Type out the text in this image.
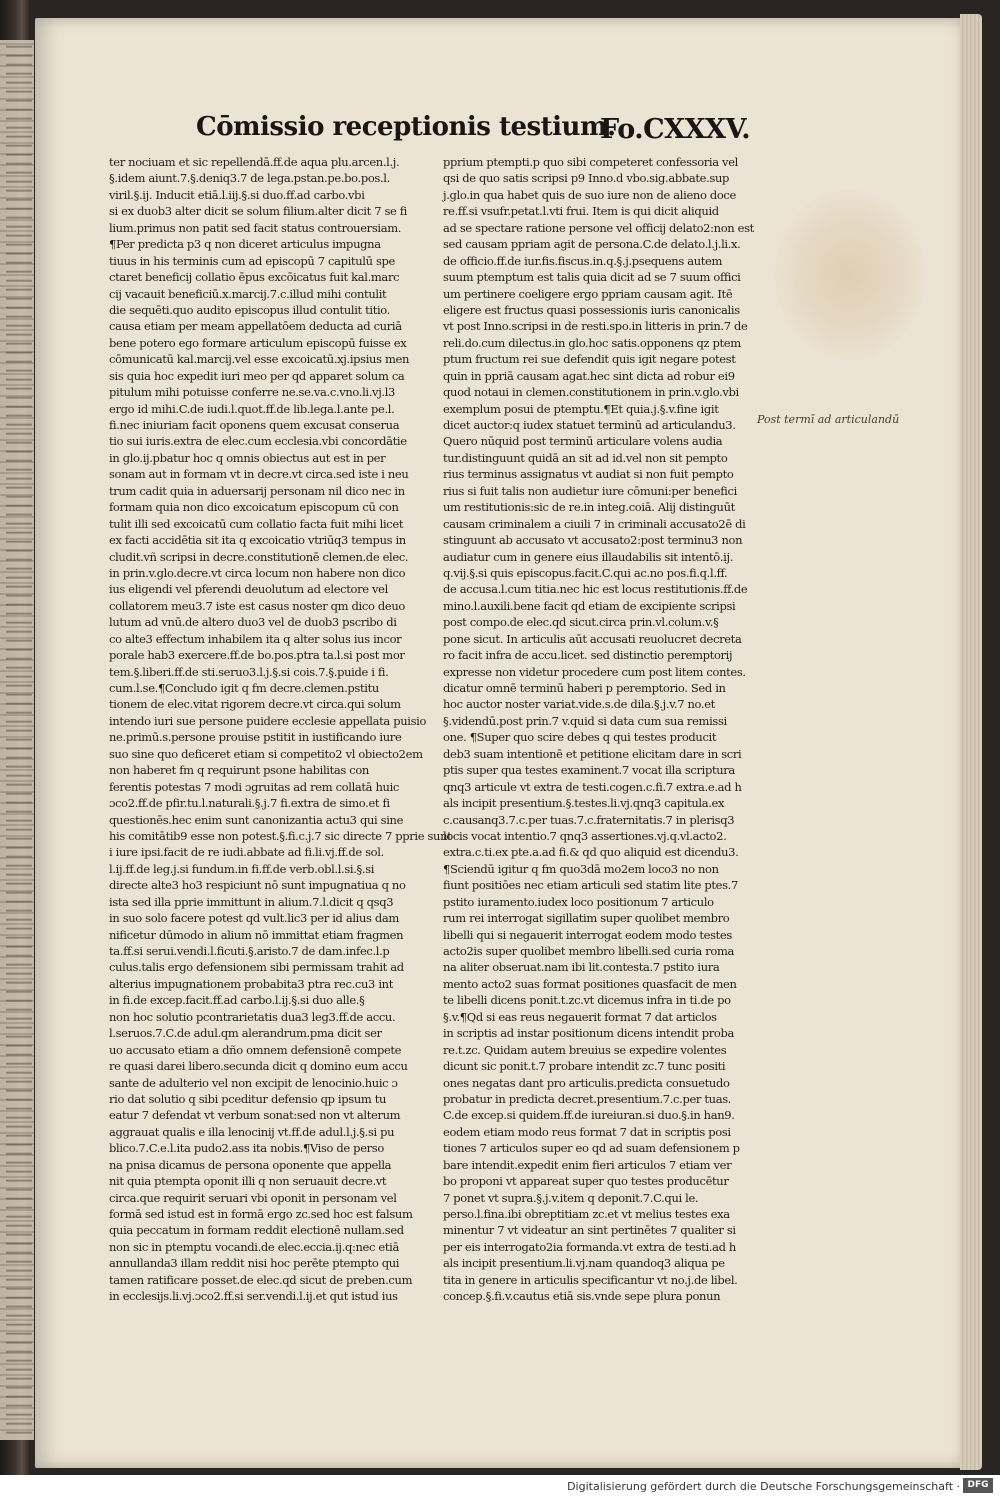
Cōmissio receptionis testium.
Fo.CXXXV.
ter nociuam et sic repellendā.ff.de aqua plu.arcen.l.j.
§.idem aiunt.7.§.deniq3.7 de lega.pstan.pe.bo.pos.l.
viril.§.ij. Inducit etiā.l.iij.§.si duo.ff.ad carbo.vbi
si ex duob3 alter dicit se solum filium.alter dicit 7 se fi
lium.primus non patit sed facit status controuersiam.
¶Per predicta p3 q non diceret articulus impugna
tiuus in his terminis cum ad episcopū 7 capitulū spe
ctaret beneficij collatio ēpus excōicatus fuit kal.marc
cij vacauit beneficiū.x.marcij.7.c.illud mihi contulit
die sequēti.quo audito episcopus illud contulit titio.
causa etiam per meam appellatōem deducta ad curiā
bene potero ego formare articulum episcopū fuisse ex
cōmunicatū kal.marcij.vel esse excoicatū.xj.ipsius men
sis quia hoc expedit iuri meo per qd apparet solum ca
pitulum mihi potuisse conferre ne.se.va.c.vno.li.vj.l3
ergo id mihi.C.de iudi.l.quot.ff.de lib.lega.l.ante pe.l.
fi.nec iniuriam facit oponens quem excusat conserua
tio sui iuris.extra de elec.cum ecclesia.vbi concordātie
in glo.ij.pbatur hoc q omnis obiectus aut est in per
sonam aut in formam vt in decre.vt circa.sed iste i neu
trum cadit quia in aduersarij personam nil dico nec in
formam quia non dico excoicatum episcopum cū con
tulit illi sed excoicatū cum collatio facta fuit mihi licet
ex facti accidētia sit ita q excoicatio vtriūq3 tempus in
cludit.vñ scripsi in decre.constitutionē clemen.de elec.
in prin.v.glo.decre.vt circa locum non habere non dico
ius eligendi vel pferendi deuolutum ad electore vel
collatorem meu3.7 iste est casus noster qm dico deuo
lutum ad vnū.de altero duo3 vel de duob3 pscribo di
co alte3 effectum inhabilem ita q alter solus ius incor
porale hab3 exercere.ff.de bo.pos.ptra ta.l.si post mor
tem.§.liberi.ff.de sti.seruo3.l.j.§.si cois.7.§.puide i fi.
cum.l.se.¶Concludo igit q fm decre.clemen.pstitu
tionem de elec.vitat rigorem decre.vt circa.qui solum
intendo iuri sue persone puidere ecclesie appellata puisio
ne.primū.s.persone prouise pstitit in iustificando iure
suo sine quo deficeret etiam si competito2 vl obiecto2em
non haberet fm q requirunt psone habilitas con
ferentis potestas 7 modi ɔgruitas ad rem collatā huic
ɔco2.ff.de pfir.tu.l.naturali.§.j.7 fi.extra de simo.et fi
questionēs.hec enim sunt canonizantia actu3 qui sine
his comitātib9 esse non potest.§.fi.c.j.7 sic directe 7 pprie sunt
i iure ipsi.facit de re iudi.abbate ad fi.li.vj.ff.de sol.
l.ij.ff.de leg.j.si fundum.in fi.ff.de verb.obl.l.si.§.si
directe alte3 ho3 respiciunt nō sunt impugnatiua q no
ista sed illa pprie immittunt in alium.7.l.dicit q qsq3
in suo solo facere potest qd vult.lic3 per id alius dam
nificetur dūmodo in alium nō immittat etiam fragmen
ta.ff.si serui.vendi.l.ficuti.§.aristo.7 de dam.infec.l.p
culus.talis ergo defensionem sibi permissam trahit ad
alterius impugnationem probabita3 ptra rec.cu3 int
in fi.de excep.facit.ff.ad carbo.l.ij.§.si duo alle.§
non hoc solutio pcontrarietatis dua3 leg3.ff.de accu.
l.seruos.7.C.de adul.qm alerandrum.pma dicit ser
uo accusato etiam a dño omnem defensionē compete
re quasi darei libero.secunda dicit q domino eum accu
sante de adulterio vel non excipit de lenocinio.huic ɔ
rio dat solutio q sibi pceditur defensio qp ipsum tu
eatur 7 defendat vt verbum sonat:sed non vt alterum
aggrauat qualis e illa lenocinij vt.ff.de adul.l.j.§.si pu
blico.7.C.e.l.ita pudo2.ass ita nobis.¶Viso de perso
na pnisa dicamus de persona oponente que appella
nit quia ptempta oponit illi q non seruauit decre.vt
circa.que requirit seruari vbi oponit in personam vel
formā sed istud est in formā ergo zc.sed hoc est falsum
quia peccatum in formam reddit electionē nullam.sed
non sic in ptemptu vocandi.de elec.eccia.ij.q:nec etiā
annullanda3 illam reddit nisi hoc perēte ptempto qui
tamen ratificare posset.de elec.qd sicut de preben.cum
in ecclesijs.li.vj.ɔco2.ff.si ser.vendi.l.ij.et qut istud ius
pprium ptempti.p quo sibi competeret confessoria vel
qsi de quo satis scripsi p9 Inno.d vbo.sig.abbate.sup
j.glo.in qua habet quis de suo iure non de alieno doce
re.ff.si vsufr.petat.l.vti frui. Item is qui dicit aliquid
ad se spectare ratione persone vel officij delato2:non est
sed causam ppriam agit de persona.C.de delato.l.j.li.x.
de officio.ff.de iur.fis.fiscus.in.q.§.j.psequens autem
suum ptemptum est talis quia dicit ad se 7 suum offici
um pertinere coeligere ergo ppriam causam agit. Itē
eligere est fructus quasi possessionis iuris canonicalis
vt post Inno.scripsi in de resti.spo.in litteris in prin.7 de
reli.do.cum dilectus.in glo.hoc satis.opponens qz ptem
ptum fructum rei sue defendit quis igit negare potest
quin in ppriā causam agat.hec sint dicta ad robur ei9
quod notaui in clemen.constitutionem in prin.v.glo.vbi
exemplum posui de ptemptu.¶Et quia.j.§.v.fine igit
dicet auctor:q iudex statuet terminū ad articulandu3.
Quero nūquid post terminū articulare volens audia
tur.distinguunt quidā an sit ad id.vel non sit pempto
rius terminus assignatus vt audiat si non fuit pempto
rius si fuit talis non audietur iure cōmuni:per benefici
um restitutionis:sic de re.in integ.coiā. Alij distinguūt
causam criminalem a ciuili 7 in criminali accusato2ē di
stinguunt ab accusato vt accusato2:post terminu3 non
audiatur cum in genere eius illaudabilis sit intentō.ij.
q.vij.§.si quis episcopus.facit.C.qui ac.no pos.fi.q.l.ff.
de accusa.l.cum titia.nec hic est locus restitutionis.ff.de
mino.l.auxili.bene facit qd etiam de excipiente scripsi
post compo.de elec.qd sicut.circa prin.vl.colum.v.§
pone sicut. In articulis aūt accusati reuolucret decreta
ro facit infra de accu.licet. sed distinctio peremptorij
expresse non videtur procedere cum post litem contes.
dicatur omnē terminū haberi p peremptorio. Sed in
hoc auctor noster variat.vide.s.de dila.§.j.v.7 no.et
§.videndū.post prin.7 v.quid si data cum sua remissi
one. ¶Super quo scire debes q qui testes producit
deb3 suam intentionē et petitione elicitam dare in scri
ptis super qua testes examinent.7 vocat illa scriptura
qnq3 articule vt extra de testi.cogen.c.fi.7 extra.e.ad h
als incipit presentium.§.testes.li.vj.qnq3 capitula.ex
c.causanq3.7.c.per tuas.7.c.fraternitatis.7 in plerisq3
locis vocat intentio.7 qnq3 assertiones.vj.q.vl.acto2.
extra.c.ti.ex pte.a.ad fi.& qd quo aliquid est dicendu3.
¶Sciendū igitur q fm quo3dā mo2em loco3 no non
fiunt positiōes nec etiam articuli sed statim lite ptes.7
pstito iuramento.iudex loco positionum 7 articulo
rum rei interrogat sigillatim super quolibet membro
libelli qui si negauerit interrogat eodem modo testes
acto2is super quolibet membro libelli.sed curia roma
na aliter obseruat.nam ibi lit.contesta.7 pstito iura
mento acto2 suas format positiones quasfacit de men
te libelli dicens ponit.t.zc.vt dicemus infra in ti.de po
§.v.¶Qd si eas reus negauerit format 7 dat articlos
in scriptis ad instar positionum dicens intendit proba
re.t.zc. Quidam autem breuius se expedire volentes
dicunt sic ponit.t.7 probare intendit zc.7 tunc positi
ones negatas dant pro articulis.predicta consuetudo
probatur in predicta decret.presentium.7.c.per tuas.
C.de excep.si quidem.ff.de iureiuran.si duo.§.in han9.
eodem etiam modo reus format 7 dat in scriptis posi
tiones 7 articulos super eo qd ad suam defensionem p
bare intendit.expedit enim fieri articulos 7 etiam ver
bo proponi vt appareat super quo testes producētur
7 ponet vt supra.§.j.v.item q deponit.7.C.qui le.
perso.l.fina.ibi obreptitiam zc.et vt melius testes exa
minentur 7 vt videatur an sint pertinētes 7 qualiter si
per eis interrogato2ia formanda.vt extra de testi.ad h
als incipit presentium.li.vj.nam quandoq3 aliqua pe
tita in genere in articulis specificantur vt no.j.de libel.
concep.§.fi.v.cautus etiā sis.vnde sepe plura ponun
Post termī ad articulandū
Digitalisierung gefördert durch die Deutsche Forschungsgemeinschaft · DFG
